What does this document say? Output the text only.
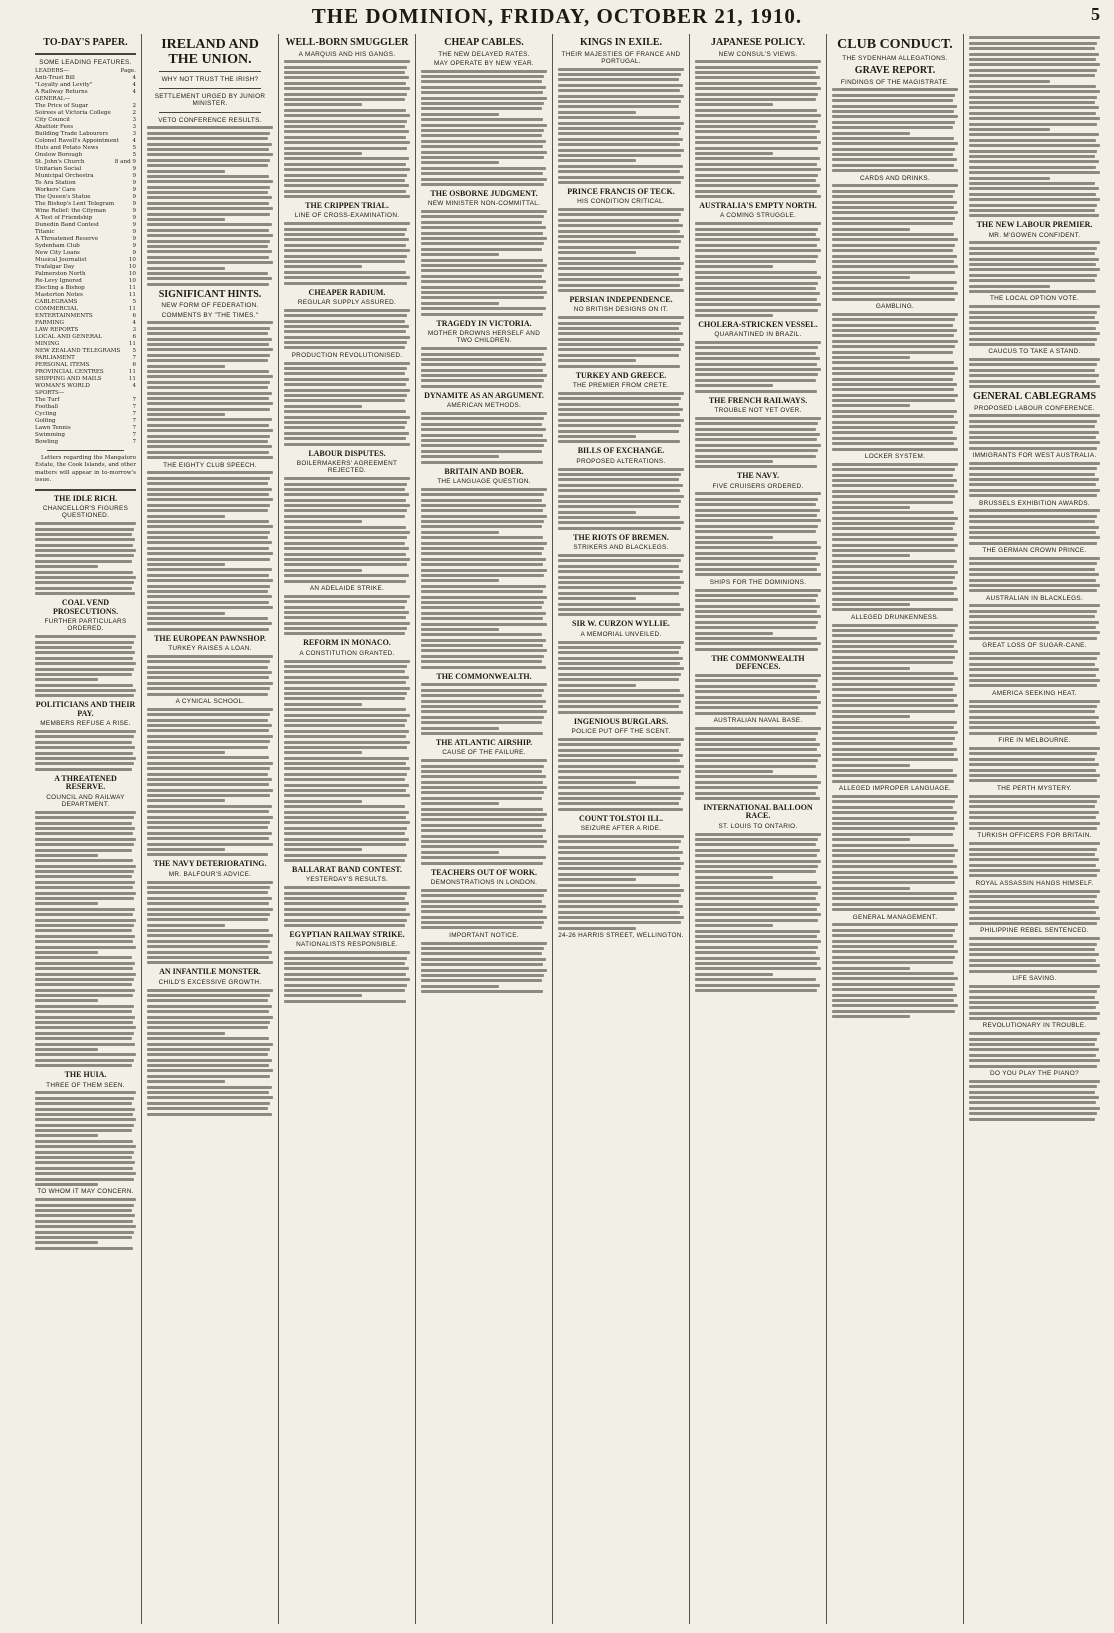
THE DOMINION, FRIDAY, OCTOBER 21, 1910.	5
TO-DAY'S PAPER.
SOME LEADING FEATURES.
LEADERS—	Page.
Anti-Trust Bill	4
"Loyalty and Levity"	4
A Railway Returns	4
GENERAL—
The Price of Sugar	2
Soirees at Victoria College	2
City Council	3
Abattoir Fees	3
Building Trade Labourers	3
Colonel Ravell's Appointment 4
Huts and Potato News	5
Onslow Borough	5
St. John's Church	8 and 9
Unitarian Social	9
Municipal Orchestra	9
To Ara Station	9
Workers' Care	9
The Queen's Statue	9
The Bishop's Lent Telegram	9
Wine Relief: the Cityman	9
A Test of Friendship	9
Dunedin Band Contest	9
Titanic	9
A Threatened Reserve	9
Sydenham Club	9
New City Loans	9
Musical Journalist	10
Trafalgar Day	10
Palmerston North	10
Re-Levy Ignored	10
Electing a Bishop	11
Masterton Notes	11
CABLEGRAMS	5
COMMERCIAL	11
ENTERTAINMENTS	6
FARMING	4
LAW REPORTS	3
LOCAL AND GENERAL	6
MINING	11
NEW ZEALAND TELEGRAMS 5
PARLIAMENT	7
PERSONAL ITEMS	6
PROVINCIAL CENTRES	11
SHIPPING AND MAILS	11
WOMAN'S WORLD	4
SPORTS—
The Turf	7
Football	7
Cycling	7
Golfing	7
Lawn Tennis	7
Swimming	7
Bowling	7
Letters regarding the Mangatoro Estate, the Cook Islands, and other matters will appear in to-morrow's issue.
THE IDLE RICH.
CHANCELLOR'S FIGURES QUESTIONED.
COAL VEND PROSECUTIONS.
FURTHER PARTICULARS ORDERED.
POLITICIANS AND THEIR PAY.
MEMBERS REFUSE A RISE.
A THREATENED RESERVE.
COUNCIL AND RAILWAY DEPARTMENT.
THE HUIA.
THREE OF THEM SEEN.
TO WHOM IT MAY CONCERN.
IRELAND AND THE UNION.
WHY NOT TRUST THE IRISH?
SETTLEMENT URGED BY JUNIOR MINISTER.
VETO CONFERENCE RESULTS.
SIGNIFICANT HINTS.
NEW FORM OF FEDERATION.
COMMENTS BY "THE TIMES."
THE EIGHTY CLUB SPEECH.
THE EUROPEAN PAWNSHOP.
TURKEY RAISES A LOAN.
A CYNICAL SCHOOL.
THE NAVY DETERIORATING.
MR. BALFOUR'S ADVICE.
AN INFANTILE MONSTER.
CHILD'S EXCESSIVE GROWTH.
WELL-BORN SMUGGLER
A MARQUIS AND HIS GANGS.
THE CRIPPEN TRIAL.
LINE OF CROSS-EXAMINATION.
CHEAPER RADIUM.
REGULAR SUPPLY ASSURED.
PRODUCTION REVOLUTIONISED.
LABOUR DISPUTES.
BOILERMAKERS' AGREEMENT REJECTED.
AN ADELAIDE STRIKE.
REFORM IN MONACO.
A CONSTITUTION GRANTED.
BALLARAT BAND CONTEST.
YESTERDAY'S RESULTS.
EGYPTIAN RAILWAY STRIKE.
NATIONALISTS RESPONSIBLE.
CHEAP CABLES.
THE NEW DELAYED RATES.
MAY OPERATE BY NEW YEAR.
THE OSBORNE JUDGMENT.
NEW MINISTER NON-COMMITTAL.
TRAGEDY IN VICTORIA.
MOTHER DROWNS HERSELF AND TWO CHILDREN.
DYNAMITE AS AN ARGUMENT.
AMERICAN METHODS.
BRITAIN AND BOER.
THE LANGUAGE QUESTION.
THE COMMONWEALTH.
THE ATLANTIC AIRSHIP.
CAUSE OF THE FAILURE.
TEACHERS OUT OF WORK.
DEMONSTRATIONS IN LONDON.
IMPORTANT NOTICE.
KINGS IN EXILE.
THEIR MAJESTIES OF FRANCE AND PORTUGAL.
PRINCE FRANCIS OF TECK.
HIS CONDITION CRITICAL.
PERSIAN INDEPENDENCE.
NO BRITISH DESIGNS ON IT.
TURKEY AND GREECE.
THE PREMIER FROM CRETE.
BILLS OF EXCHANGE.
PROPOSED ALTERATIONS.
THE RIOTS OF BREMEN.
STRIKERS AND BLACKLEGS.
SIR W. CURZON WYLLIE.
A MEMORIAL UNVEILED.
INGENIOUS BURGLARS.
POLICE PUT OFF THE SCENT.
COUNT TOLSTOI ILL.
SEIZURE AFTER A RIDE.
24-26 HARRIS STREET, WELLINGTON.
JAPANESE POLICY.
NEW CONSUL'S VIEWS.
AUSTRALIA'S EMPTY NORTH.
A COMING STRUGGLE.
CHOLERA-STRICKEN VESSEL.
QUARANTINED IN BRAZIL.
THE FRENCH RAILWAYS.
TROUBLE NOT YET OVER.
THE NAVY.
FIVE CRUISERS ORDERED.
SHIPS FOR THE DOMINIONS.
THE COMMONWEALTH DEFENCES.
AUSTRALIAN NAVAL BASE.
INTERNATIONAL BALLOON RACE.
ST. LOUIS TO ONTARIO.
CLUB CONDUCT.
THE SYDENHAM ALLEGATIONS.
GRAVE REPORT.
FINDINGS OF THE MAGISTRATE.
CARDS AND DRINKS.
GAMBLING.
LOCKER SYSTEM.
ALLEGED DRUNKENNESS.
ALLEGED IMPROPER LANGUAGE.
GENERAL MANAGEMENT.
THE NEW LABOUR PREMIER.
MR. M'GOWEN CONFIDENT.
THE LOCAL OPTION VOTE.
CAUCUS TO TAKE A STAND.
GENERAL CABLEGRAMS
PROPOSED LABOUR CONFERENCE.
IMMIGRANTS FOR WEST AUSTRALIA.
BRUSSELS EXHIBITION AWARDS.
THE GERMAN CROWN PRINCE.
AUSTRALIAN IN BLACKLEGS.
GREAT LOSS OF SUGAR-CANE.
AMERICA SEEKING HEAT.
FIRE IN MELBOURNE.
THE PERTH MYSTERY.
TURKISH OFFICERS FOR BRITAIN.
ROYAL ASSASSIN HANGS HIMSELF.
PHILIPPINE REBEL SENTENCED.
LIFE SAVING.
REVOLUTIONARY IN TROUBLE.
DO YOU PLAY THE PIANO?
